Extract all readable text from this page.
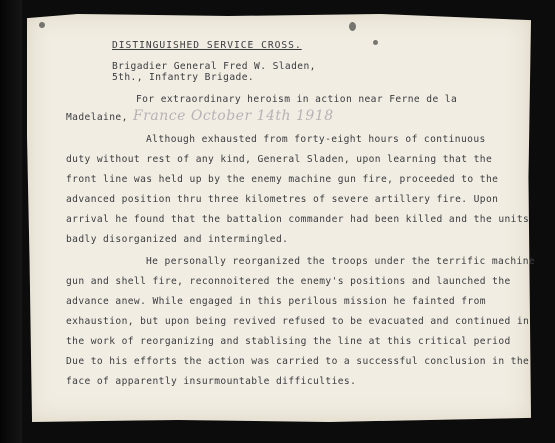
DISTINGUISHED SERVICE CROSS.

Brigadier General Fred W. Sladen,

5th., Infantry Brigade.

For extraordinary heroism in action near Ferne de la

Madelaine, France October 14th 1918

Although exhausted from forty-eight hours of continuous

duty without rest of any kind, General Sladen, upon learning that the

front line was held up by the enemy machine gun fire, proceeded to the

advanced position thru three kilometres of severe artillery fire. Upon

arrival he found that the battalion commander had been killed and the units

badly disorganized and intermingled.

He personally reorganized the troops under the terrific machine

gun and shell fire, reconnoitered the enemy's positions and launched the

advance anew. While engaged in this perilous mission he fainted from

exhaustion, but upon being revived refused to be evacuated and continued in

the work of reorganizing and stablising the line at this critical period

Due to his efforts the action was carried to a successful conclusion in the

face of apparently insurmountable difficulties.
